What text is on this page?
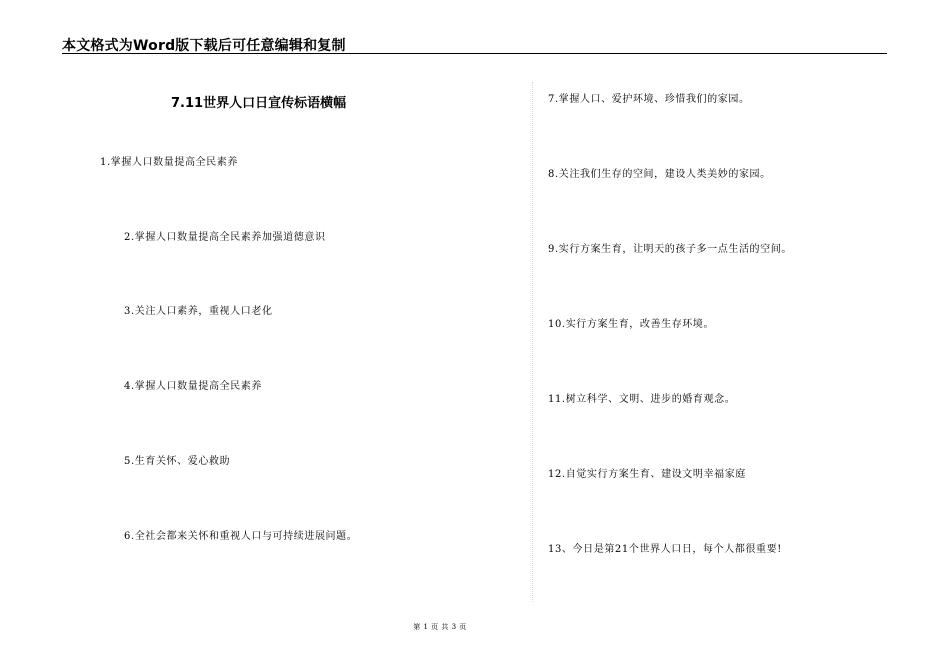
本文格式为Word版下载后可任意编辑和复制
7.11世界人口日宣传标语横幅
1.掌握人口数量提高全民素养
2.掌握人口数量提高全民素养加强道德意识
3.关注人口素养，重视人口老化
4.掌握人口数量提高全民素养
5.生育关怀、爱心救助
6.全社会都来关怀和重视人口与可持续进展问题。
7.掌握人口、爱护环境、珍惜我们的家园。
8.关注我们生存的空间，建设人类美妙的家园。
9.实行方案生育，让明天的孩子多一点生活的空间。
10.实行方案生育，改善生存环境。
11.树立科学、文明、进步的婚育观念。
12.自觉实行方案生育、建设文明幸福家庭
13、今日是第21个世界人口日，每个人都很重要!
第 1 页 共 3 页
